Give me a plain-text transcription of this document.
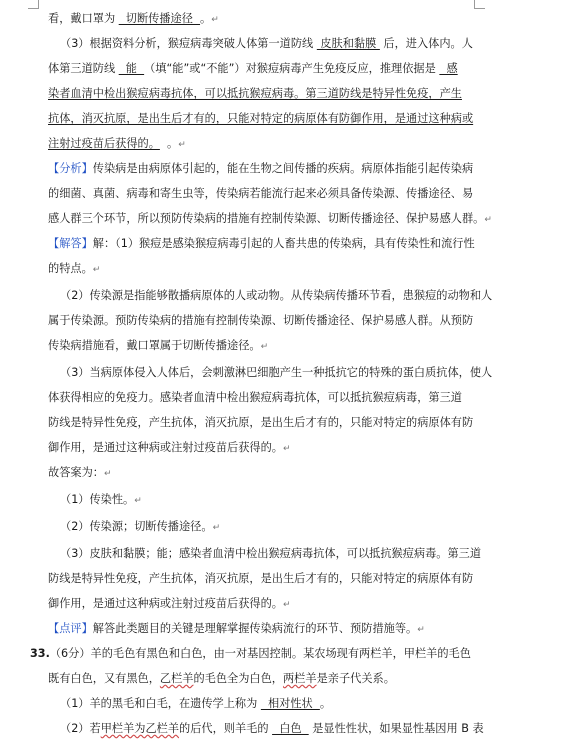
看，戴口罩为   切断传播途径  。↵
（3）根据资料分析，猴痘病毒突破人体第一道防线  皮肤和黏膜  后，进入体内。人
体第三道防线   能  （填“能”或“不能”）对猴痘病毒产生免疫反应，推理依据是   感
染者血清中检出猴痘病毒抗体，可以抵抗猴痘病毒。第三道防线是特异性免疫，产生
抗体，消灭抗原，是出生后才有的，只能对特定的病原体有防御作用，是通过这种病或
注射过疫苗后获得的。  。↵
【分析】传染病是由病原体引起的，能在生物之间传播的疾病。病原体指能引起传染病
的细菌、真菌、病毒和寄生虫等，传染病若能流行起来必须具备传染源、传播途径、易
感人群三个环节，所以预防传染病的措施有控制传染源、切断传播途径、保护易感人群。↵
【解答】解：（1）猴痘是感染猴痘病毒引起的人畜共患的传染病，具有传染性和流行性
的特点。↵
（2）传染源是指能够散播病原体的人或动物。从传染病传播环节看，患猴痘的动物和人
属于传染源。预防传染病的措施有控制传染源、切断传播途径、保护易感人群。从预防
传染病措施看，戴口罩属于切断传播途径。↵
（3）当病原体侵入人体后，会刺激淋巴细胞产生一种抵抗它的特殊的蛋白质抗体，使人
体获得相应的免疫力。感染者血清中检出猴痘病毒抗体，可以抵抗猴痘病毒，第三道
防线是特异性免疫，产生抗体，消灭抗原，是出生后才有的，只能对特定的病原体有防
御作用，是通过这种病或注射过疫苗后获得的。↵
故答案为：↵
（1）传染性。↵
（2）传染源；切断传播途径。↵
（3）皮肤和黏膜；能；感染者血清中检出猴痘病毒抗体，可以抵抗猴痘病毒。第三道
防线是特异性免疫，产生抗体，消灭抗原，是出生后才有的，只能对特定的病原体有防
御作用，是通过这种病或注射过疫苗后获得的。↵
【点评】解答此类题目的关键是理解掌握传染病流行的环节、预防措施等。↵
33.（6分）羊的毛色有黑色和白色，由一对基因控制。某农场现有两栏羊，甲栏羊的毛色
既有白色，又有黑色，乙栏羊的毛色全为白色，两栏羊是亲子代关系。
（1）羊的黑毛和白毛，在遗传学上称为   相对性状  。
（2）若甲栏羊为乙栏羊的后代，则羊毛的   白色   是显性性状，如果显性基因用 B 表
